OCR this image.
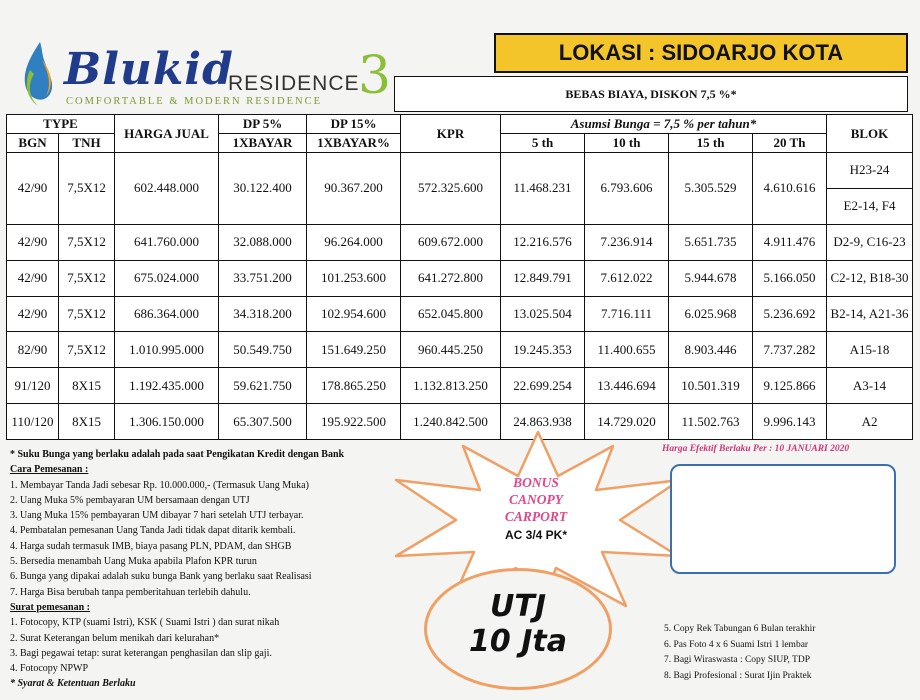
Blukid
RESIDENCE
3
COMFORTABLE & MODERN RESIDENCE
LOKASI : SIDOARJO KOTA
BEBAS BIAYA, DISKON 7,5 %*
TYPE		HARGA JUAL	DP 5%	DP 15%	KPR	Asumsi Bunga = 7,5 % per tahun*				BLOK
BGN	TNH		1XBAYAR	1XBAYAR%		5 th	10 th	15 th	20 Th	
42/90	7,5X12	602.448.000	30.122.400	90.367.200	572.325.600	11.468.231	6.793.606	5.305.529	4.610.616	H23-24
E2-14, F4

42/90	7,5X12	641.760.000	32.088.000	96.264.000	609.672.000	12.216.576	7.236.914	5.651.735	4.911.476	D2-9, C16-23
42/90	7,5X12	675.024.000	33.751.200	101.253.600	641.272.800	12.849.791	7.612.022	5.944.678	5.166.050	C2-12, B18-30
42/90	7,5X12	686.364.000	34.318.200	102.954.600	652.045.800	13.025.504	7.716.111	6.025.968	5.236.692	B2-14, A21-36
82/90	7,5X12	1.010.995.000	50.549.750	151.649.250	960.445.250	19.245.353	11.400.655	8.903.446	7.737.282	A15-18
91/120	8X15	1.192.435.000	59.621.750	178.865.250	1.132.813.250	22.699.254	13.446.694	10.501.319	9.125.866	A3-14
110/120	8X15	1.306.150.000	65.307.500	195.922.500	1.240.842.500	24.863.938	14.729.020	11.502.763	9.996.143	A2
* Suku Bunga yang berlaku adalah pada saat Pengikatan Kredit dengan Bank
Cara Pemesanan :
1. Membayar Tanda Jadi sebesar Rp. 10.000.000,- (Termasuk Uang Muka)
2. Uang Muka 5% pembayaran UM bersamaan dengan UTJ
3. Uang Muka 15% pembayaran UM dibayar 7 hari setelah UTJ terbayar.
4. Pembatalan pemesanan Uang Tanda Jadi tidak dapat ditarik kembali.
4. Harga sudah termasuk IMB, biaya pasang PLN, PDAM, dan SHGB
5. Bersedia menambah Uang Muka apabila Plafon KPR turun
6. Bunga yang dipakai adalah suku bunga Bank yang berlaku saat Realisasi
7. Harga Bisa berubah tanpa pemberitahuan terlebih dahulu.
Surat pemesanan :
1. Fotocopy, KTP (suami Istri), KSK ( Suami Istri ) dan surat nikah
2. Surat Keterangan belum menikah dari kelurahan*
3. Bagi pegawai tetap: surat keterangan penghasilan dan slip gaji.
4. Fotocopy NPWP
* Syarat & Ketentuan Berlaku
Harga Efektif Berlaku Per : 10 JANUARI 2020
BONUS
CANOPY
CARPORT
AC 3/4 PK*
UTJ
10 Jta	5. Copy Rek Tabungan 6 Bulan terakhir
6. Pas Foto 4 x 6 Suami Istri 1 lembar
7. Bagi Wiraswasta : Copy SIUP, TDP
8. Bagi Profesional : Surat Ijin Praktek
